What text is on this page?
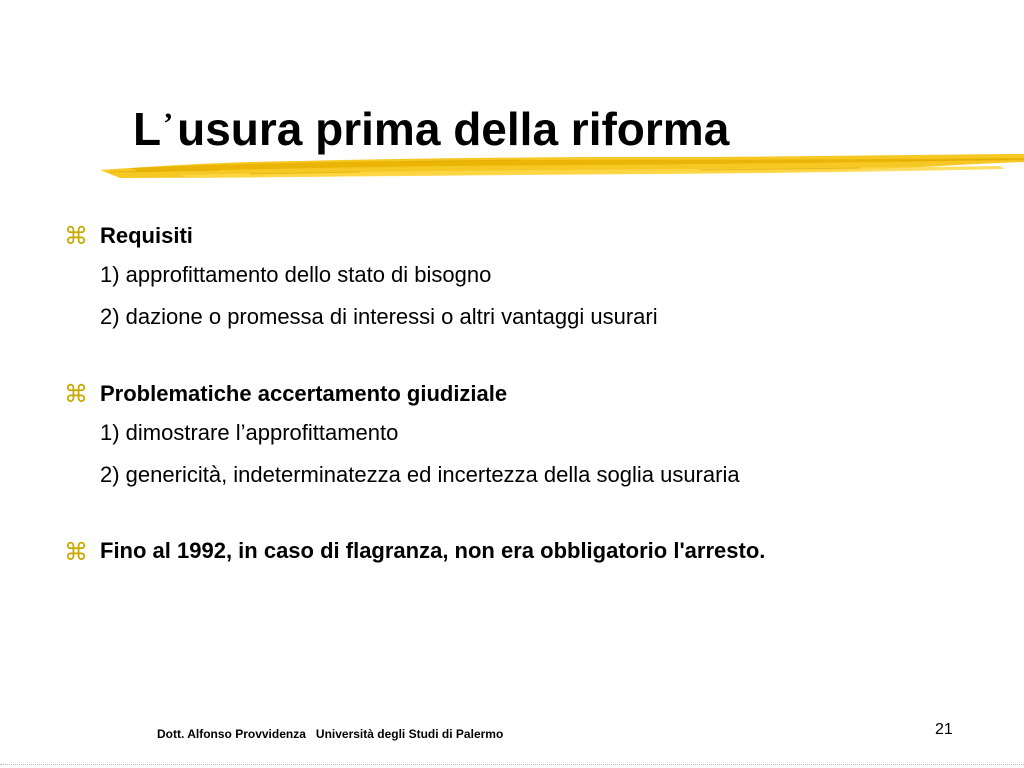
L’usura prima della riforma
⌘ Requisiti

1) approfittamento dello stato di bisogno

2) dazione o promessa di interessi o altri vantaggi usurari

⌘ Problematiche accertamento giudiziale

1) dimostrare l’approfittamento

2) genericità, indeterminatezza ed incertezza della soglia usuraria

⌘ Fino al 1992, in caso di flagranza, non era obbligatorio l'arresto.

Dott. Alfonso Provvidenza Università degli Studi di Palermo	21
